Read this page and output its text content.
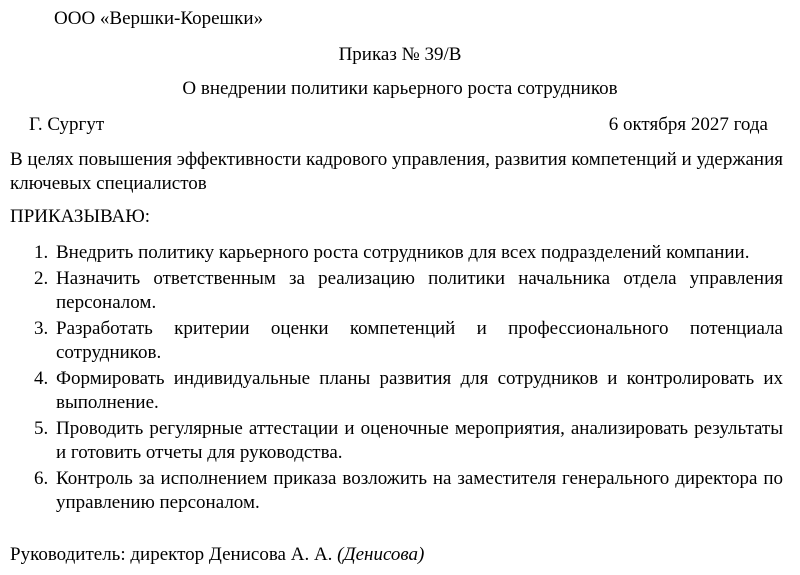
ООО «Вершки-Корешки»
Приказ № 39/В
О внедрении политики карьерного роста сотрудников
Г. Сургут	6 октября 2027 года
В целях повышения эффективности кадрового управления, развития компетенций и удержания ключевых специалистов
ПРИКАЗЫВАЮ:
1. Внедрить политику карьерного роста сотрудников для всех подразделений компании.
2. Назначить ответственным за реализацию политики начальника отдела управления персоналом.
3. Разработать критерии оценки компетенций и профессионального потенциала сотрудников.
4. Формировать индивидуальные планы развития для сотрудников и контролировать их выполнение.
5. Проводить регулярные аттестации и оценочные мероприятия, анализировать результаты и готовить отчеты для руководства.
6. Контроль за исполнением приказа возложить на заместителя генерального директора по управлению персоналом.
Руководитель: директор Денисова А. А. (Денисова)
